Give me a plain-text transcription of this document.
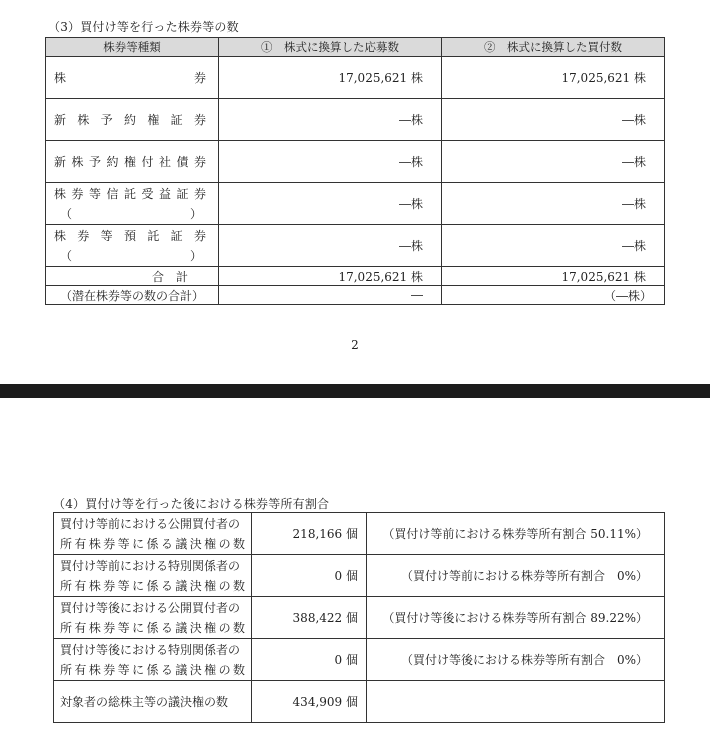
（3）買付け等を行った株券等の数
株券等種類	①　株式に換算した応募数	②　株式に換算した買付数
株　　　券	17,025,621 株	17,025,621 株
新株予約権証券	―株	―株
新株予約権付社債券	―株	―株

株券等信託受益証券
（ ）	―株	―株

株券等預託証券
（ ）	―株	―株
合　計	17,025,621 株	17,025,621 株
（潜在株券等の数の合計）	―	（―株）
2
（4）買付け等を行った後における株券等所有割合
買付け等前における公開買付者の
所有株券等に係る議決権の数	218,166 個	（買付け等前における株券等所有割合 50.11%）

買付け等前における特別関係者の
所有株券等に係る議決権の数	0 個	（買付け等前における株券等所有割合　0%）

買付け等後における公開買付者の
所有株券等に係る議決権の数	388,422 個	（買付け等後における株券等所有割合 89.22%）

買付け等後における特別関係者の
所有株券等に係る議決権の数	0 個	（買付け等後における株券等所有割合　0%）

対象者の総株主等の議決権の数	434,909 個	
